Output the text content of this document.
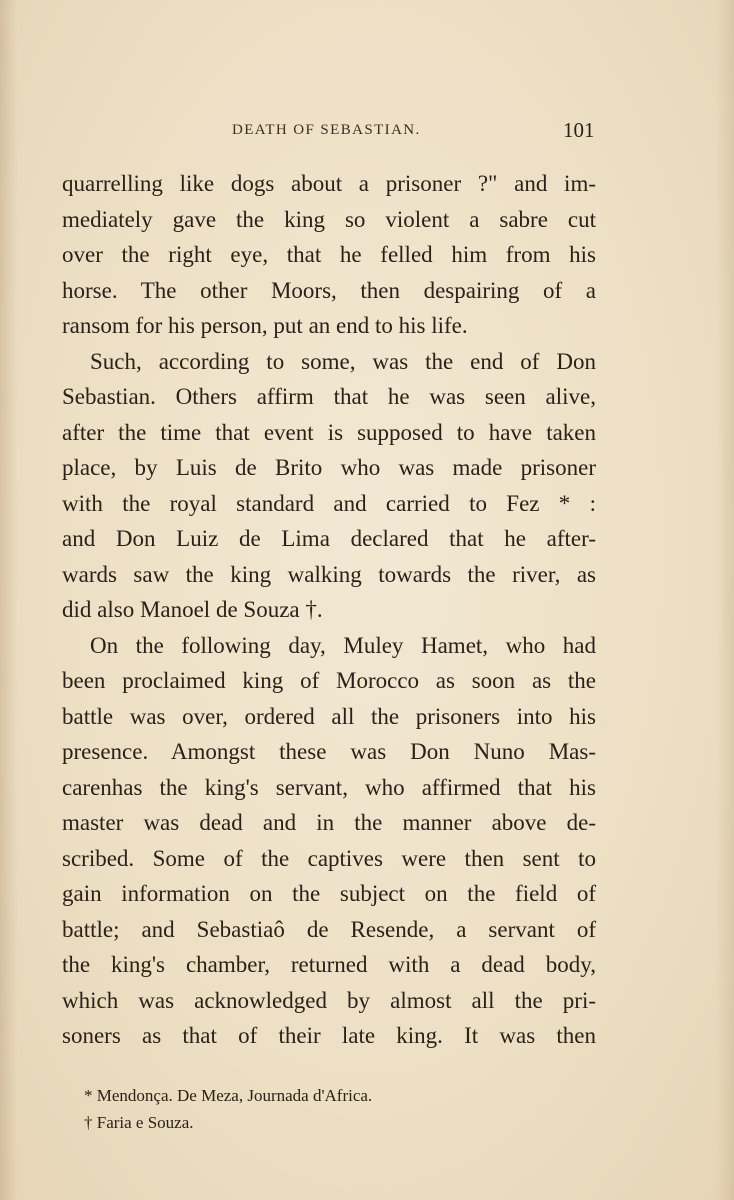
DEATH OF SEBASTIAN.	101
quarrelling like dogs about a prisoner ?" and im-
mediately gave the king so violent a sabre cut
over the right eye, that he felled him from his
horse. The other Moors, then despairing of a
ransom for his person, put an end to his life.
Such, according to some, was the end of Don
Sebastian. Others affirm that he was seen alive,
after the time that event is supposed to have taken
place, by Luis de Brito who was made prisoner
with the royal standard and carried to Fez * :
and Don Luiz de Lima declared that he after-
wards saw the king walking towards the river, as
did also Manoel de Souza †.
On the following day, Muley Hamet, who had
been proclaimed king of Morocco as soon as the
battle was over, ordered all the prisoners into his
presence. Amongst these was Don Nuno Mas-
carenhas the king's servant, who affirmed that his
master was dead and in the manner above de-
scribed. Some of the captives were then sent to
gain information on the subject on the field of
battle; and Sebastiaô de Resende, a servant of
the king's chamber, returned with a dead body,
which was acknowledged by almost all the pri-
soners as that of their late king. It was then
* Mendonça. De Meza, Journada d'Africa.
† Faria e Souza.
